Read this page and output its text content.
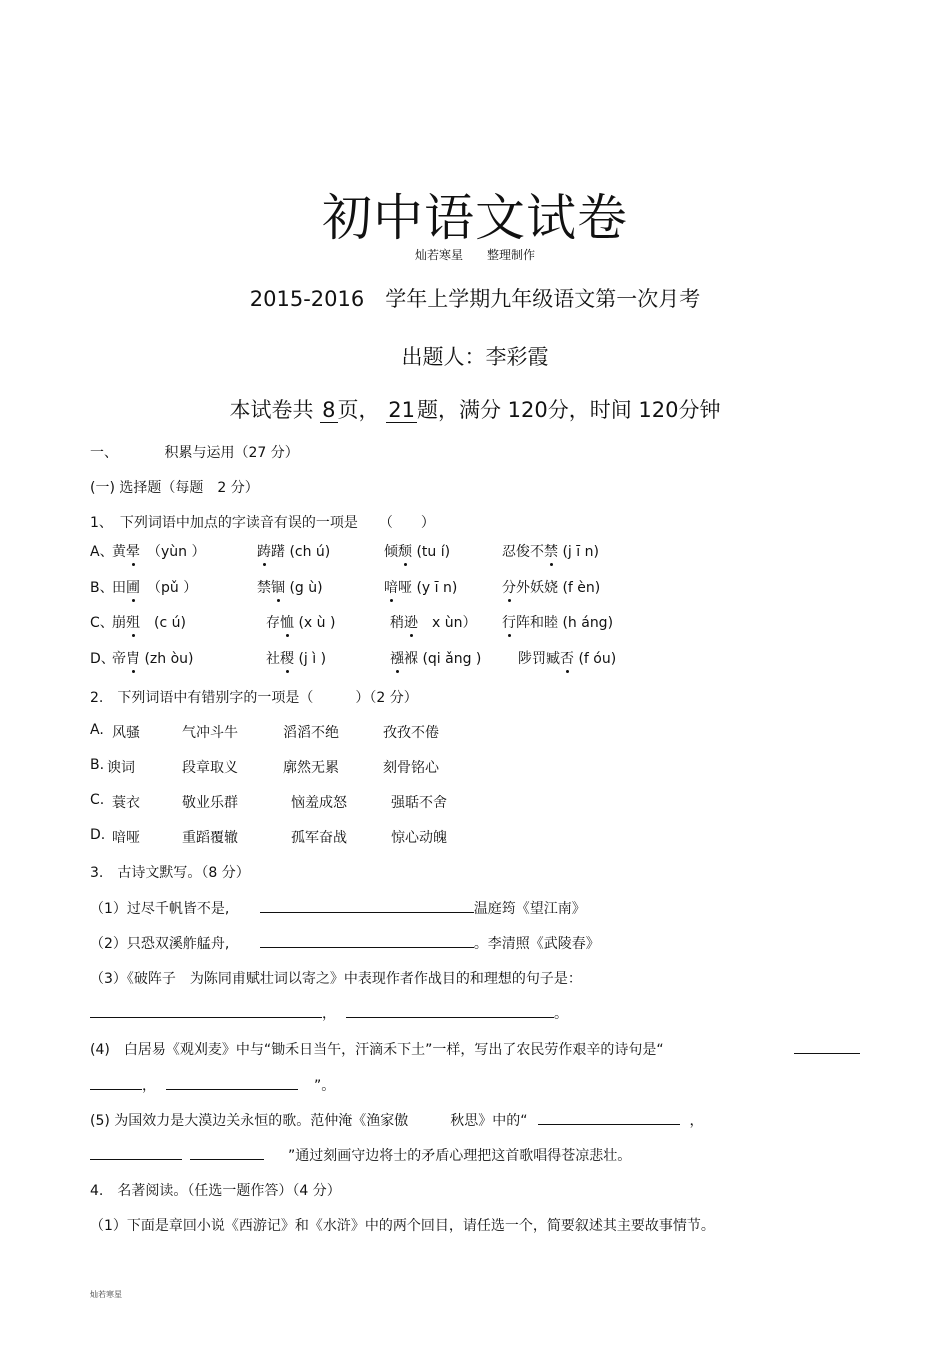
初中语文试卷
灿若寒星　　整理制作
2015-2016　学年上学期九年级语文第一次月考
出题人：李彩霞
本试卷共 8页， 21题，满分 120分，时间 120分钟
一、	积累与运用（27 分）
(一) 选择题（每题　2 分）
1、　下列词语中加点的字读音有误的一项是　　（　　）
A、
黄晕　（yùn ）	踌躇 (ch ú)	倾颓 (tu í)	忍俊不禁 (j ī n)
B、
田圃　（pǔ ）	禁锢 (g ù)	喑哑 (y ī n)	分外妖娆 (f èn)
C、
崩殂　(c ú)	存恤 (x ù )	稍逊　x ùn） 行阵和睦 (h áng)
D、
帝胄 (zh òu)	社稷 (j ì )	襁褓 (qi ǎng )	陟罚臧否 (f óu)
2.　下列词语中有错别字的一项是（　　　）（2 分）
A. 风骚	气冲斗牛	滔滔不绝	孜孜不倦
B. 谀词	段章取义	廓然无累	刻骨铭心
C. 蓑衣	敬业乐群	恼羞成怒	强聒不舍
D. 喑哑	重蹈覆辙	孤军奋战	惊心动魄
3.　古诗文默写。（8 分）
（1）过尽千帆皆不是,	温庭筠《望江南》
（2）只恐双溪舴艋舟,	。李清照《武陵春》
（3）《破阵子　为陈同甫赋壮词以寄之》中表现作者作战目的和理想的句子是：
，	。
(4)　白居易《观刈麦》中与“锄禾日当午，汗滴禾下土”一样，写出了农民劳作艰辛的诗句是“
，	”。
(5) 为国效力是大漠边关永恒的歌。范仲淹《渔家傲　　　秋思》中的“	，
”通过刻画守边将士的矛盾心理把这首歌唱得苍凉悲壮。
4.　名著阅读。（任选一题作答）（4 分）
（1）下面是章回小说《西游记》和《水浒》中的两个回目，请任选一个，简要叙述其主要故事情节。
灿若寒星
